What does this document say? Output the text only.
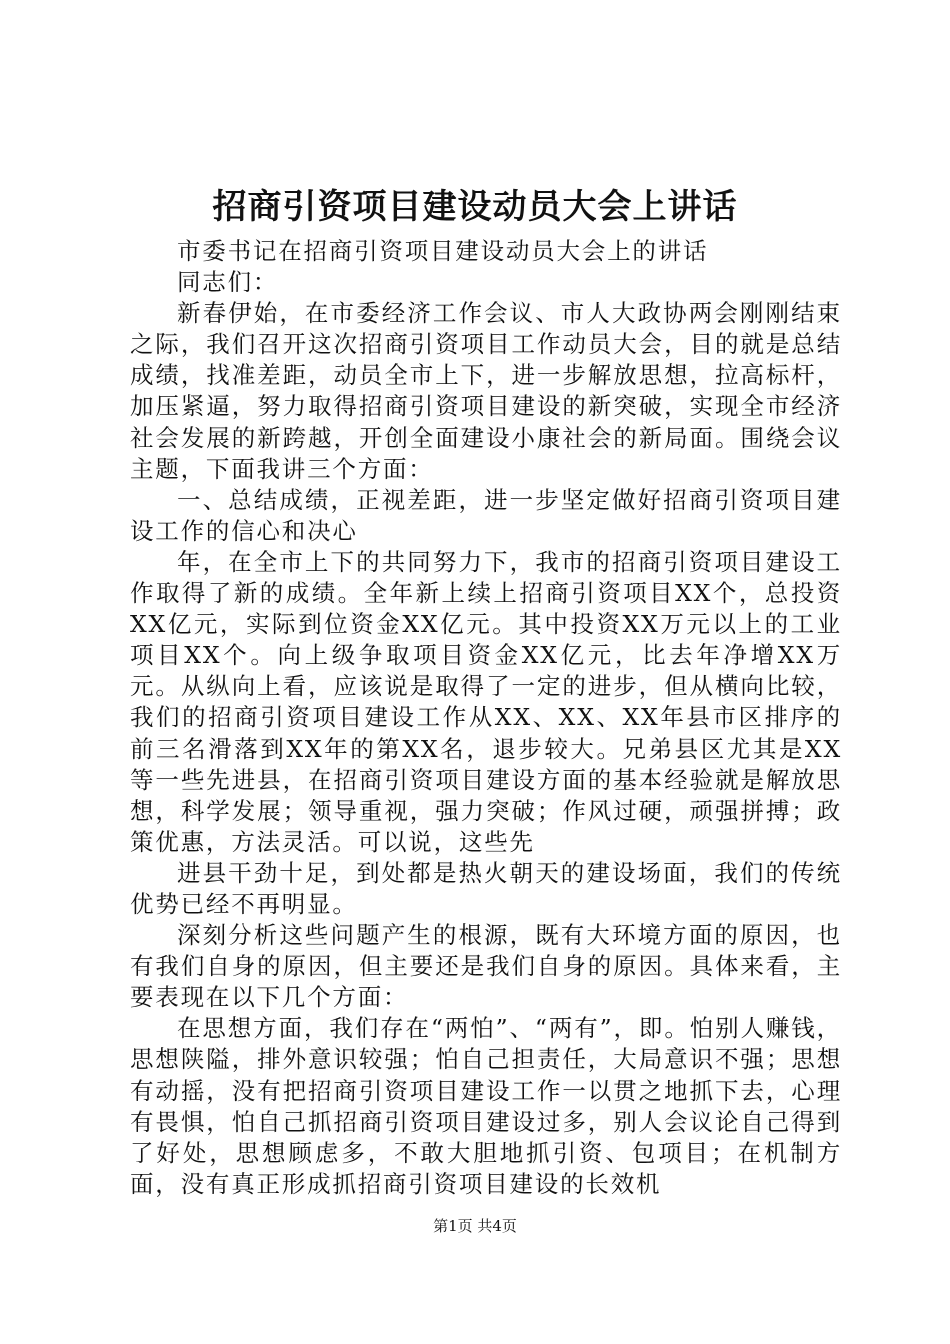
招商引资项目建设动员大会上讲话

市委书记在招商引资项目建设动员大会上的讲话

同志们：

新春伊始，在市委经济工作会议、市人大政协两会刚刚结束之际，我们召开这次招商引资项目工作动员大会，目的就是总结成绩，找准差距，动员全市上下，进一步解放思想，拉高标杆，加压紧逼，努力取得招商引资项目建设的新突破，实现全市经济社会发展的新跨越，开创全面建设小康社会的新局面。围绕会议主题，下面我讲三个方面：

一、总结成绩，正视差距，进一步坚定做好招商引资项目建设工作的信心和决心

年，在全市上下的共同努力下，我市的招商引资项目建设工作取得了新的成绩。全年新上续上招商引资项目XX个，总投资XX亿元，实际到位资金XX亿元。其中投资XX万元以上的工业项目XX个。向上级争取项目资金XX亿元，比去年净增XX万元。从纵向上看，应该说是取得了一定的进步，但从横向比较，我们的招商引资项目建设工作从XX、XX、XX年县市区排序的前三名滑落到XX年的第XX名，退步较大。兄弟县区尤其是XX等一些先进县，在招商引资项目建设方面的基本经验就是解放思想，科学发展；领导重视，强力突破；作风过硬，顽强拼搏；政策优惠，方法灵活。可以说，这些先

进县干劲十足，到处都是热火朝天的建设场面，我们的传统优势已经不再明显。

深刻分析这些问题产生的根源，既有大环境方面的原因，也有我们自身的原因，但主要还是我们自身的原因。具体来看，主要表现在以下几个方面：

在思想方面，我们存在“两怕”、“两有”，即。怕别人赚钱，思想陕隘，排外意识较强；怕自己担责任，大局意识不强；思想有动摇，没有把招商引资项目建设工作一以贯之地抓下去，心理有畏惧，怕自己抓招商引资项目建设过多，别人会议论自己得到了好处，思想顾虑多，不敢大胆地抓引资、包项目；在机制方面，没有真正形成抓招商引资项目建设的长效机

第1页 共4页
